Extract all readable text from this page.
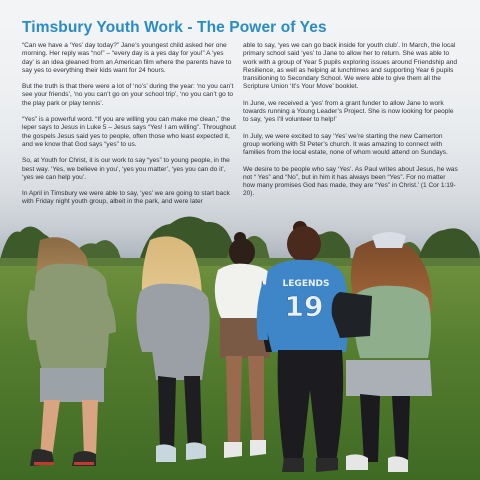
Timsbury Youth Work - The Power of Yes

“Can we have a ‘Yes’ day today?” Jane’s youngest child asked her one morning. Her reply was “no!” – “every day is a yes day for you!” A ‘yes day’ is an idea gleaned from an American film where the parents have to say yes to everything their kids want for 24 hours.

But the truth is that there were a lot of ‘no’s’ during the year: ‘no you can’t see your friends’, ‘no you can’t go on your school trip’, ‘no you can’t go to the play park or play tennis’.

“Yes” is a powerful word. “If you are willing you can make me clean,” the leper says to Jesus in Luke 5 – Jesus says “Yes! I am willing”. Throughout the gospels Jesus said yes to people, often those who least expected it, and we know that God says “yes” to us.

So, at Youth for Christ, it is our work to say “yes” to young people, in the best way. ‘Yes, we believe in you’, ‘yes you matter’, ‘yes you can do it’, ‘yes we can help you’.

In April in Timsbury we were able to say, ‘yes’ we are going to start back with Friday night youth group, albeit in the park, and were later

able to say, ‘yes we can go back inside for youth club’. In March, the local primary school said ‘yes’ to Jane to allow her to return. She was able to work with a group of Year 5 pupils exploring issues around Friendship and Resilience, as well as helping at lunchtimes and supporting Year 6 pupils transitioning to Secondary School. We were able to give them all the Scripture Union ‘It’s Your Move’ booklet.

In June, we received a ‘yes’ from a grant funder to allow Jane to work towards running a Young Leader’s Project. She is now looking for people to say, ‘yes I’ll volunteer to help!’

In July, we were excited to say ‘Yes’ we’re starting the new Camerton group working with St Peter’s church. It was amazing to connect with families from the local estate, none of whom would attend on Sundays.

We desire to be people who say ‘Yes’. As Paul writes about Jesus, he was not “ Yes” and “No”, but in him it has always been “Yes”. For no matter how many promises God has made, they are “Yes” in Christ.’ (1 Cor 1:19-20).

LEGENDS
19
